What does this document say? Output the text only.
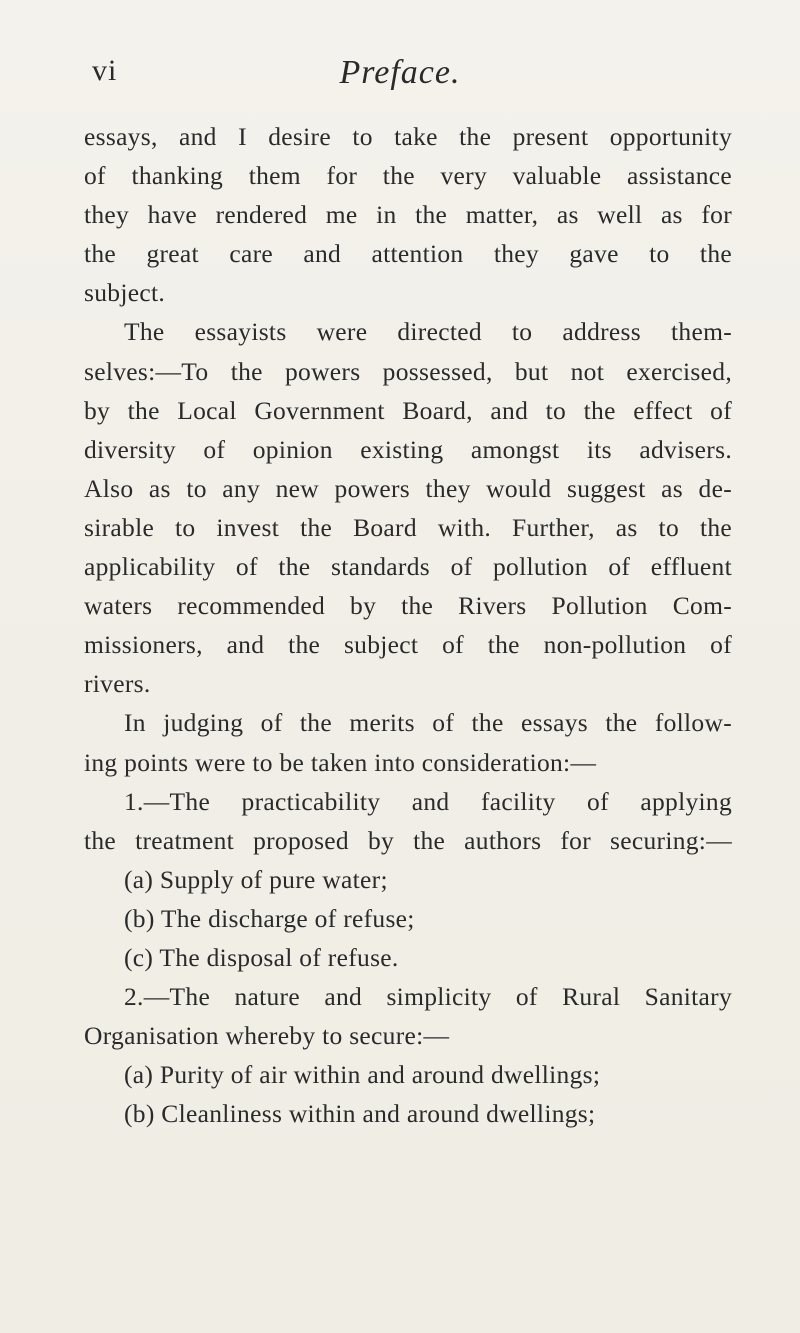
vi	Preface.
essays, and I desire to take the present opportunity
of thanking them for the very valuable assistance
they have rendered me in the matter, as well as for
the great care and attention they gave to the
subject.
The essayists were directed to address them-
selves:—To the powers possessed, but not exercised,
by the Local Government Board, and to the effect of
diversity of opinion existing amongst its advisers.
Also as to any new powers they would suggest as de-
sirable to invest the Board with. Further, as to the
applicability of the standards of pollution of effluent
waters recommended by the Rivers Pollution Com-
missioners, and the subject of the non-pollution of
rivers.
In judging of the merits of the essays the follow-
ing points were to be taken into consideration:—
1.—The practicability and facility of applying
the treatment proposed by the authors for securing:—
(a) Supply of pure water;
(b) The discharge of refuse;
(c) The disposal of refuse.
2.—The nature and simplicity of Rural Sanitary
Organisation whereby to secure:—
(a) Purity of air within and around dwellings;
(b) Cleanliness within and around dwellings;
